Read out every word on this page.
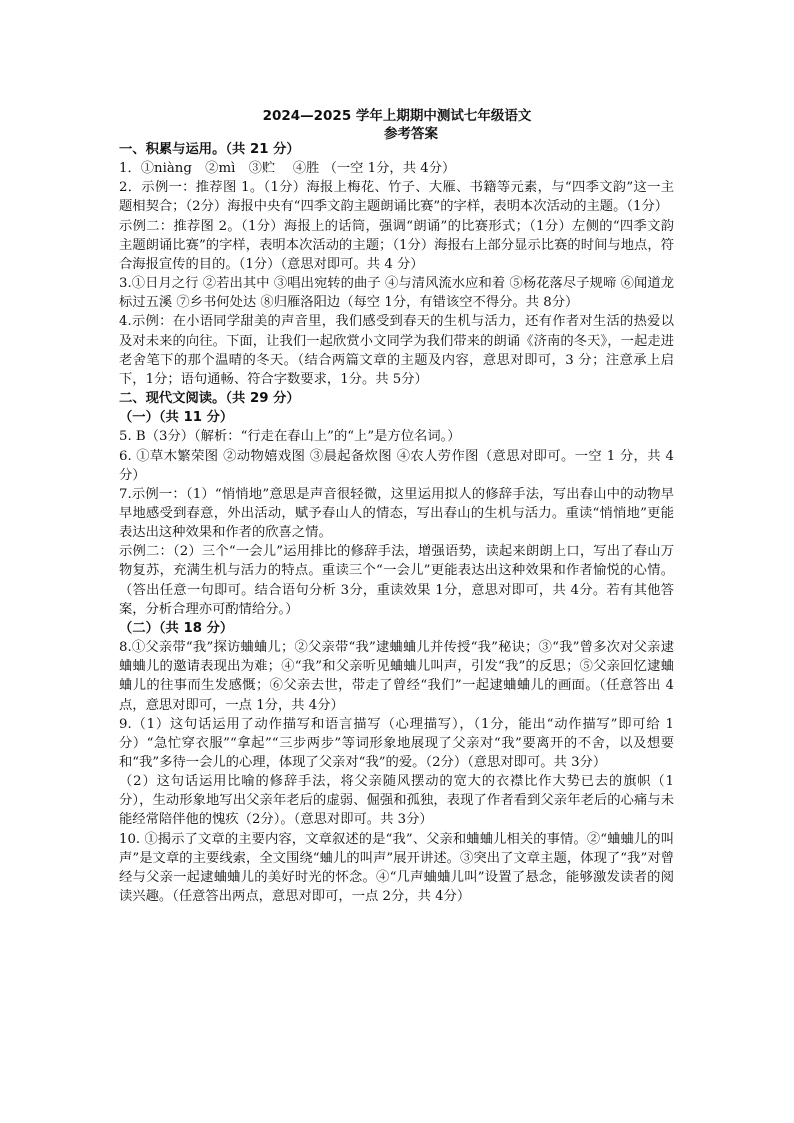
2024—2025 学年上期期中测试七年级语文
参考答案

一、积累与运用。（共 21 分）

1．①niàng　②mì　③贮　 ④胜 （一空 1分，共 4分）

2．示例一：推荐图 1。（1分）海报上梅花、竹子、大雁、书籍等元素，与“四季文韵”这一主题相契合；（2分）海报中央有“四季文韵主题朗诵比赛”的字样，表明本次活动的主题。（1分）

示例二：推荐图 2。（1分）海报上的话筒，强调“朗诵”的比赛形式；（1分）左侧的“四季文韵主题朗诵比赛”的字样，表明本次活动的主题；（1分）海报右上部分显示比赛的时间与地点，符合海报宣传的目的。（1分）（意思对即可。共 4 分）

3.①日月之行 ②若出其中 ③唱出宛转的曲子 ④与清风流水应和着 ⑤杨花落尽子规啼 ⑥闻道龙标过五溪 ⑦乡书何处达 ⑧归雁洛阳边（每空 1分，有错该空不得分。共 8分）

4.示例：在小语同学甜美的声音里，我们感受到春天的生机与活力，还有作者对生活的热爱以及对未来的向往。下面，让我们一起欣赏小文同学为我们带来的朗诵《济南的冬天》，一起走进老舍笔下的那个温晴的冬天。（结合两篇文章的主题及内容，意思对即可，3 分；注意承上启下，1分；语句通畅、符合字数要求，1分。共 5分）

二、现代文阅读。（共 29 分）

（一）（共 11 分）

5. B（3分）（解析：“行走在春山上”的“上”是方位名词。）

6. ①草木繁荣图 ②动物嬉戏图 ③晨起备炊图 ④农人劳作图（意思对即可。一空 1 分，共 4分）

7.示例一：（1）“悄悄地”意思是声音很轻微，这里运用拟人的修辞手法，写出春山中的动物早早地感受到春意，外出活动，赋予春山人的情态，写出春山的生机与活力。重读“悄悄地”更能表达出这种效果和作者的欣喜之情。

示例二：（2）三个“一会儿”运用排比的修辞手法，增强语势，读起来朗朗上口，写出了春山万物复苏，充满生机与活力的特点。重读三个“一会儿”更能表达出这种效果和作者愉悦的心情。（答出任意一句即可。结合语句分析 3分，重读效果 1分，意思对即可，共 4分。若有其他答案，分析合理亦可酌情给分。）

（二）（共 18 分）

8.①父亲带“我”探访蛐蛐儿；②父亲带“我”逮蛐蛐儿并传授“我”秘诀；③“我”曾多次对父亲逮蛐蛐儿的邀请表现出为难；④“我”和父亲听见蛐蛐儿叫声，引发“我”的反思；⑤父亲回忆逮蛐蛐儿的往事而生发感慨；⑥父亲去世，带走了曾经“我们”一起逮蛐蛐儿的画面。（任意答出 4点，意思对即可，一点 1分，共 4分）

9.（1）这句话运用了动作描写和语言描写（心理描写），（1分，能出“动作描写”即可给 1分）“急忙穿衣服”“拿起”“三步两步”等词形象地展现了父亲对“我”要离开的不舍，以及想要和“我”多待一会儿的心理，体现了父亲对“我”的爱。（2分）（意思对即可。共 3分）

（2）这句话运用比喻的修辞手法，将父亲随风摆动的宽大的衣襟比作大势已去的旗帜（1分），生动形象地写出父亲年老后的虚弱、倔强和孤独，表现了作者看到父亲年老后的心痛与未能经常陪伴他的愧疚（2分）。（意思对即可。共 3分）

10. ①揭示了文章的主要内容，文章叙述的是“我”、父亲和蛐蛐儿相关的事情。②“蛐蛐儿的叫声”是文章的主要线索，全文围绕“蛐儿的叫声”展开讲述。③突出了文章主题，体现了“我”对曾经与父亲一起逮蛐蛐儿的美好时光的怀念。④“几声蛐蛐儿叫”设置了悬念，能够激发读者的阅读兴趣。（任意答出两点，意思对即可，一点 2分，共 4分）
